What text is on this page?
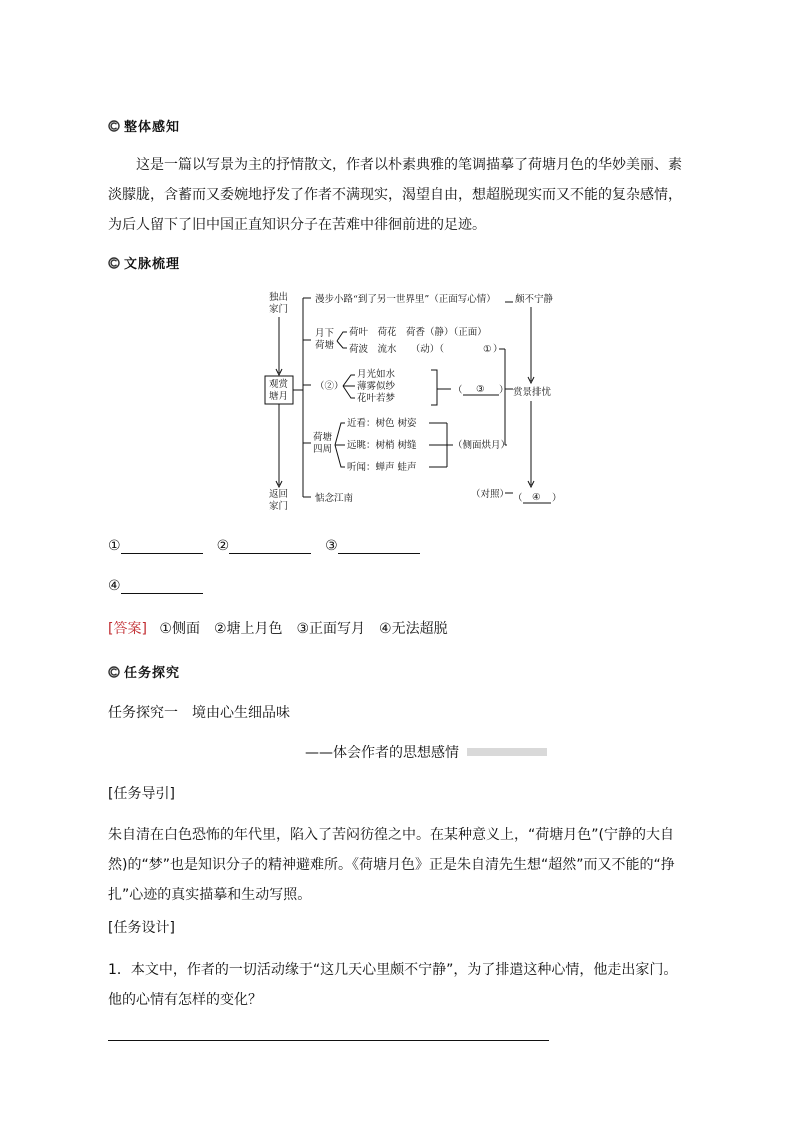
整体感知
这是一篇以写景为主的抒情散文，作者以朴素典雅的笔调描摹了荷塘月色的华妙美丽、素淡朦胧，含蓄而又委婉地抒发了作者不满现实，渴望自由，想超脱现实而又不能的复杂感情，为后人留下了旧中国正直知识分子在苦难中徘徊前进的足迹。
文脉梳理
独出
家门
观赏
塘月
返回
家门
漫步小路“到了另一世界里”（正面写心情）
月下
荷塘
荷叶　荷花　荷香（静）（正面）
荷波　流水　　（动）（	① ）
（②）
月光如水
薄雾似纱
花叶若梦
（ ③ ）
荷塘
四周
近看：树色 树姿
远眺：树梢 树缝
听闻：蝉声 蛙声
（侧面烘月）
惦念江南	（对照）
颇不宁静
赏景排忧
（ ④ ）
①	②	③
④
[答案] ①侧面　②塘上月色　③正面写月　④无法超脱
任务探究
任务探究一　境由心生细品味
——体会作者的思想感情
[任务导引]
朱自清在白色恐怖的年代里，陷入了苦闷彷徨之中。在某种意义上，“荷塘月色”(宁静的大自然)的“梦”也是知识分子的精神避难所。《荷塘月色》正是朱自清先生想“超然”而又不能的“挣扎”心迹的真实描摹和生动写照。
[任务设计]
1．本文中，作者的一切活动缘于“这几天心里颇不宁静”，为了排遣这种心情，他走出家门。他的心情有怎样的变化？
